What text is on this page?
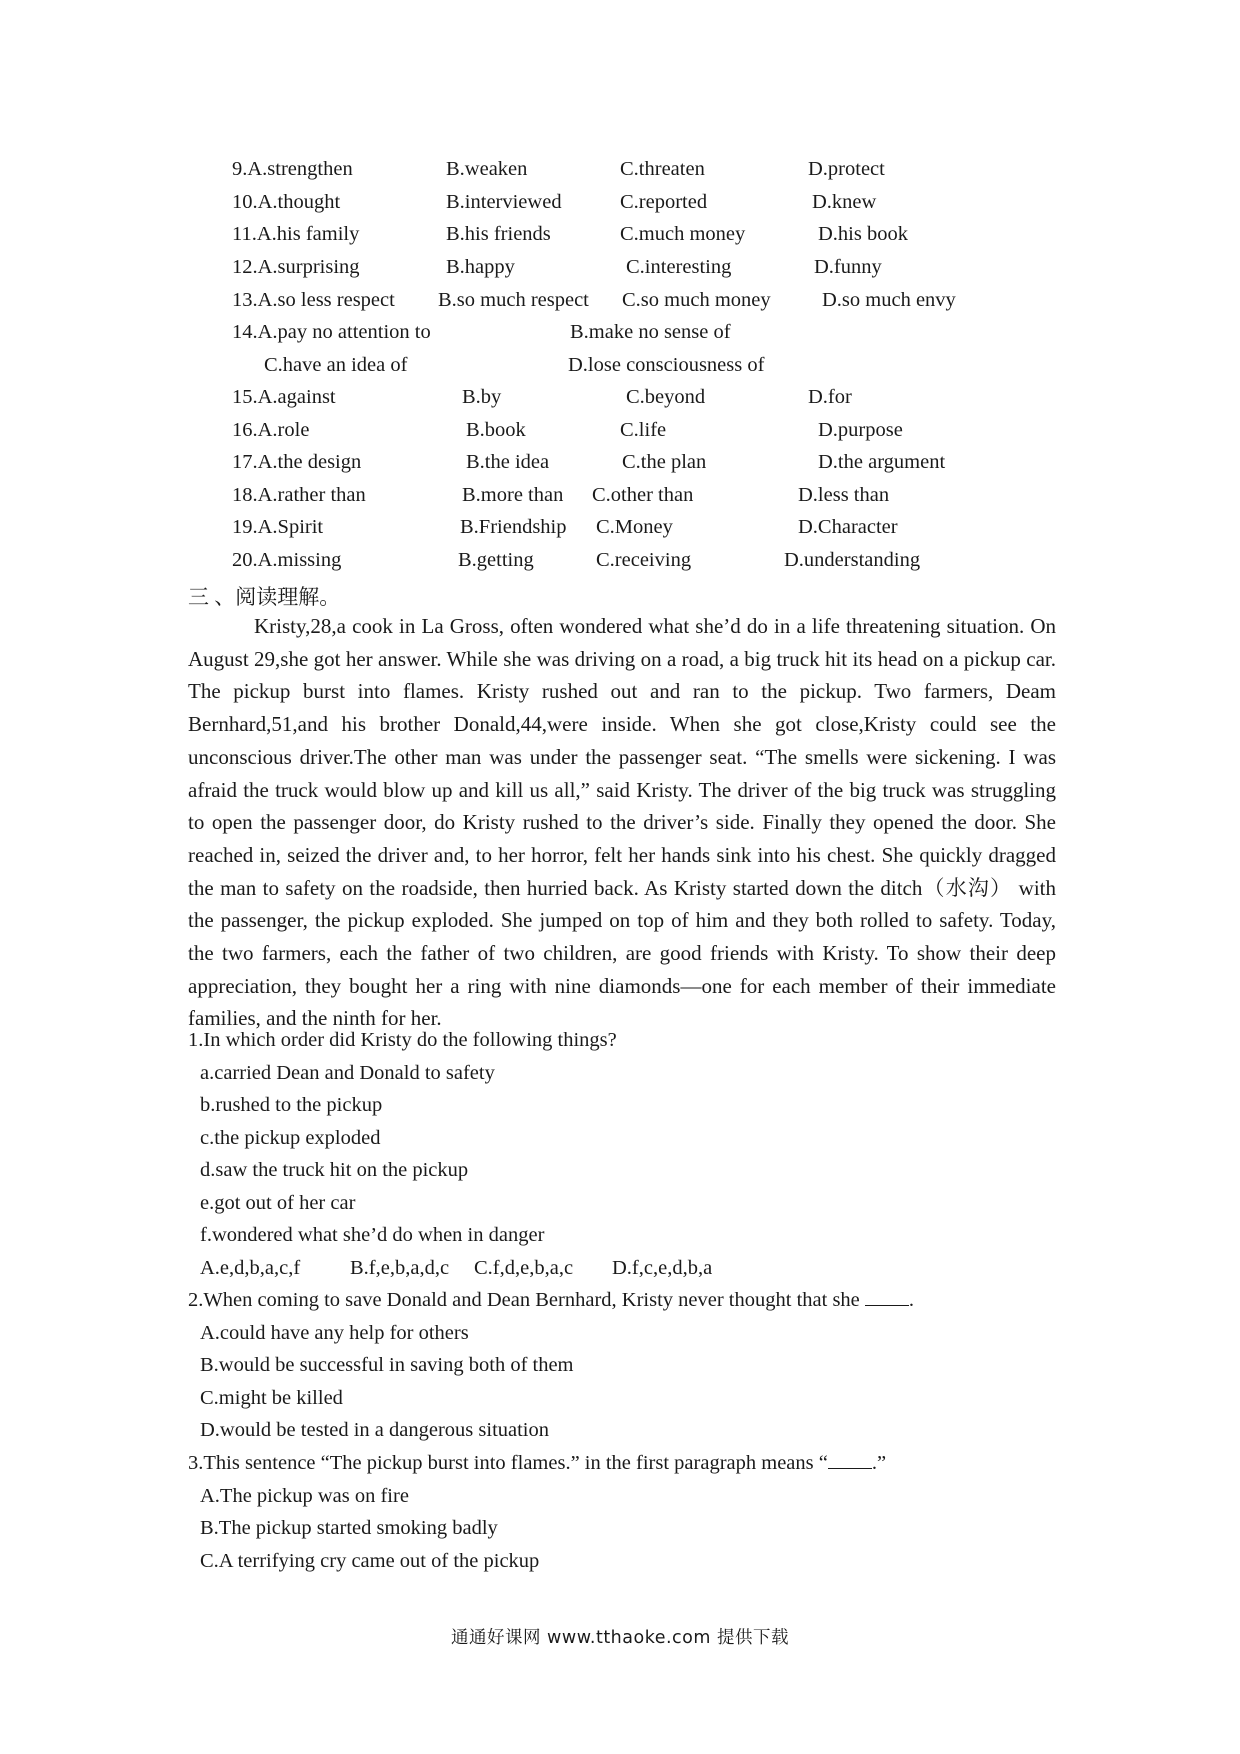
9.A.strengthen	B.weaken	C.threaten	D.protect
10.A.thought	B.interviewed	C.reported	D.knew
11.A.his family	B.his friends	C.much money	D.his book
12.A.surprising	B.happy	C.interesting	D.funny
13.A.so less respect B.so much respect C.so much money	D.so much envy
14.A.pay no attention to	B.make no sense of
C.have an idea of	D.lose consciousness of
15.A.against	B.by	C.beyond	D.for
16.A.role	B.book	C.life	D.purpose
17.A.the design	B.the idea	C.the plan	D.the argument
18.A.rather than	B.more than C.other than	D.less than
19.A.Spirit	B.Friendship C.Money	D.Character
20.A.missing	B.getting	C.receiving	D.understanding
三 、阅读理解。

Kristy,28,a cook in La Gross, often wondered what she’d do in a life threatening situation. On August 29,she got her answer. While she was driving on a road, a big truck hit its head on a pickup car. The pickup burst into flames. Kristy rushed out and ran to the pickup. Two farmers, Deam Bernhard,51,and his brother Donald,44,were inside. When she got close,Kristy could see the unconscious driver.The other man was under the passenger seat. “The smells were sickening. I was afraid the truck would blow up and kill us all,” said Kristy. The driver of the big truck was struggling to open the passenger door, do Kristy rushed to the driver’s side. Finally they opened the door. She reached in, seized the driver and, to her horror, felt her hands sink into his chest. She quickly dragged the man to safety on the roadside, then hurried back. As Kristy started down the ditch（水沟） with the passenger, the pickup exploded. She jumped on top of him and they both rolled to safety. Today, the two farmers, each the father of two children, are good friends with Kristy. To show their deep appreciation, they bought her a ring with nine diamonds—one for each member of their immediate families, and the ninth for her.

1.In which order did Kristy do the following things?

a.carried Dean and Donald to safety

b.rushed to the pickup

c.the pickup exploded

d.saw the truck hit on the pickup

e.got out of her car

f.wondered what she’d do when in danger

A.e,d,b,a,c,f B.f,e,b,a,d,c C.f,d,e,b,a,c D.f,c,e,d,b,a

2.When coming to save Donald and Dean Bernhard, Kristy never thought that she .

A.could have any help for others

B.would be successful in saving both of them

C.might be killed

D.would be tested in a dangerous situation

3.This sentence “The pickup burst into flames.” in the first paragraph means “ .”

A.The pickup was on fire

B.The pickup started smoking badly

C.A terrifying cry came out of the pickup

通通好课网 www.tthaoke.com 提供下载
